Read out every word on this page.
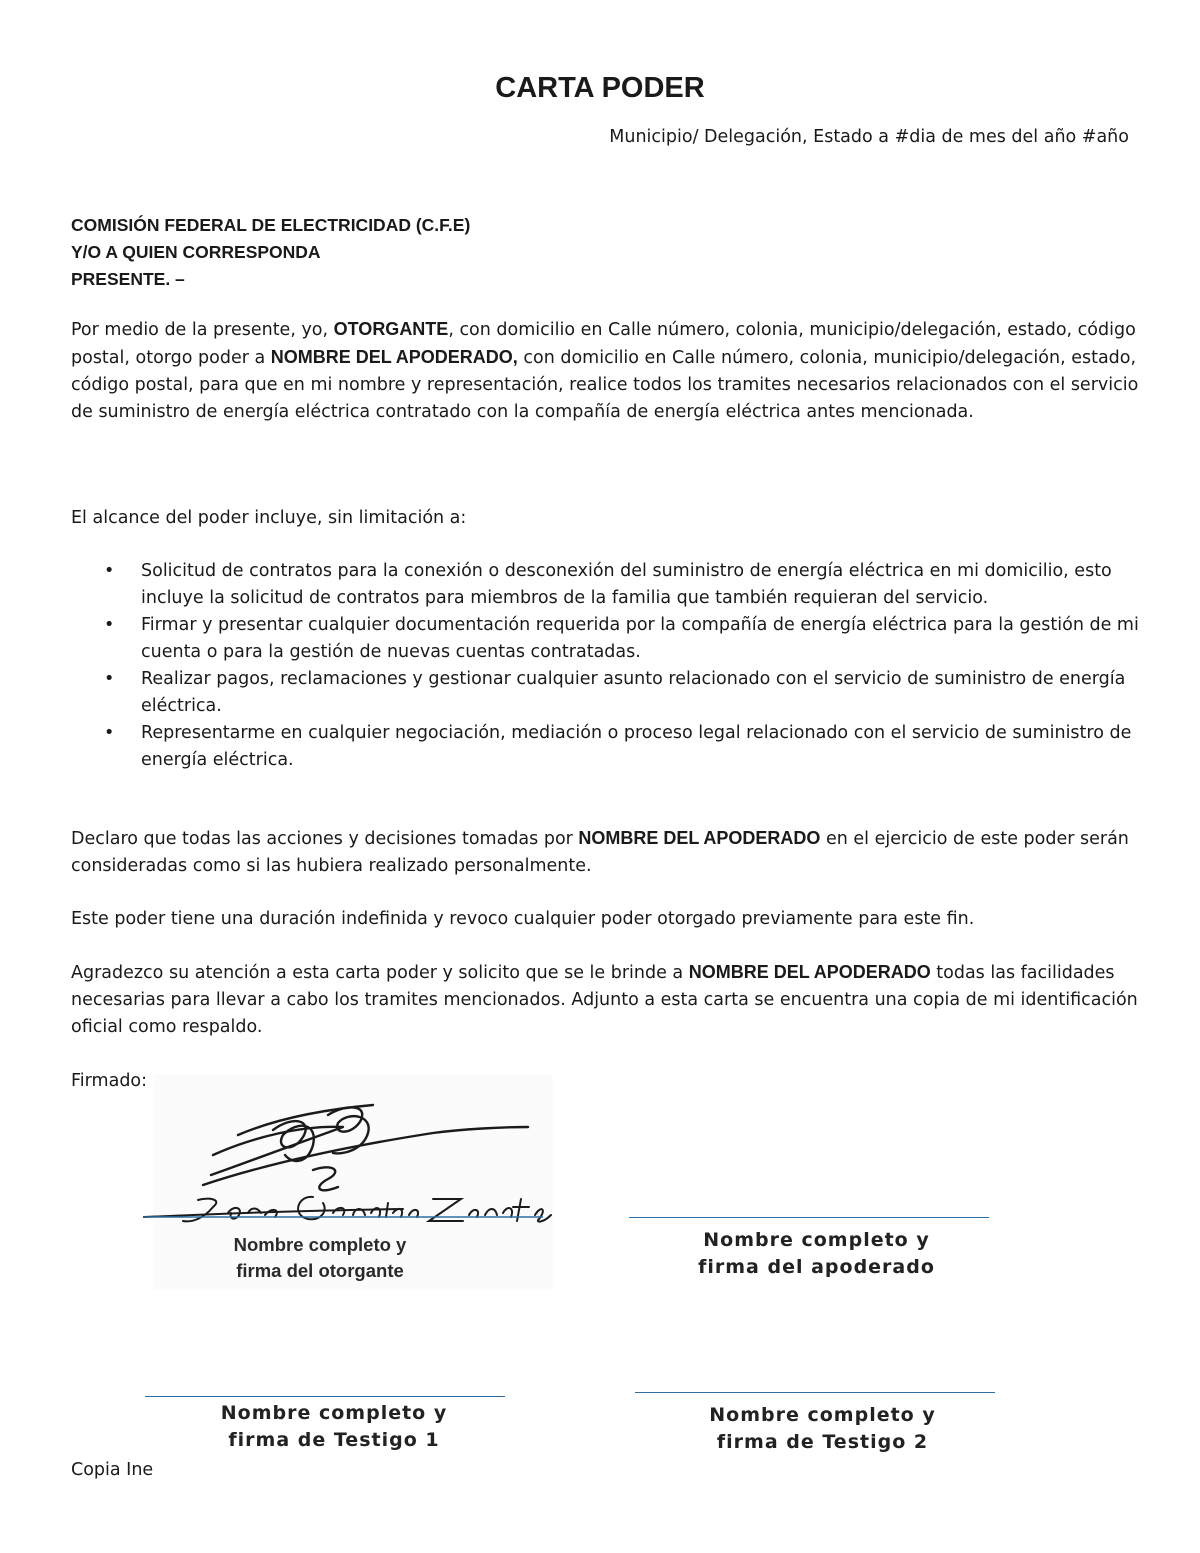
CARTA PODER
Municipio/ Delegación, Estado a #dia de mes del año #año
COMISIÓN FEDERAL DE ELECTRICIDAD (C.F.E)
Y/O A QUIEN CORRESPONDA
PRESENTE. –

Por medio de la presente, yo, OTORGANTE, con domicilio en Calle número, colonia, municipio/delegación, estado, código postal, otorgo poder a NOMBRE DEL APODERADO, con domicilio en Calle número, colonia, municipio/delegación, estado, código postal, para que en mi nombre y representación, realice todos los tramites necesarios relacionados con el servicio de suministro de energía eléctrica contratado con la compañía de energía eléctrica antes mencionada.

El alcance del poder incluye, sin limitación a:
• Solicitud de contratos para la conexión o desconexión del suministro de energía eléctrica en mi domicilio, esto incluye la solicitud de contratos para miembros de la familia que también requieran del servicio.
• Firmar y presentar cualquier documentación requerida por la compañía de energía eléctrica para la gestión de mi cuenta o para la gestión de nuevas cuentas contratadas.
• Realizar pagos, reclamaciones y gestionar cualquier asunto relacionado con el servicio de suministro de energía eléctrica.
• Representarme en cualquier negociación, mediación o proceso legal relacionado con el servicio de suministro de energía eléctrica.

Declaro que todas las acciones y decisiones tomadas por NOMBRE DEL APODERADO en el ejercicio de este poder serán consideradas como si las hubiera realizado personalmente.

Este poder tiene una duración indefinida y revoco cualquier poder otorgado previamente para este fin.

Agradezco su atención a esta carta poder y solicito que se le brinde a NOMBRE DEL APODERADO todas las facilidades necesarias para llevar a cabo los tramites mencionados. Adjunto a esta carta se encuentra una copia de mi identificación oficial como respaldo.

Firmado:
Jorge Gonzalez Zarate
Nombre completo y
firma del otorgante
Nombre completo y
firma del apoderado
Nombre completo y
firma de Testigo 1
Nombre completo y
firma de Testigo 2
Copia Ine
